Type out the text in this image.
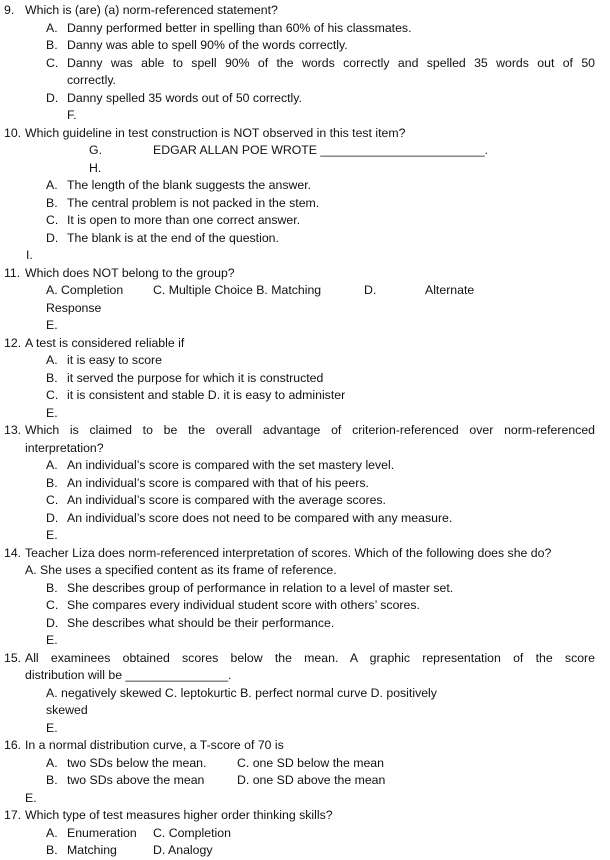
9. Which is (are) (a) norm-referenced statement?
A. Danny performed better in spelling than 60% of his classmates.
B. Danny was able to spell 90% of the words correctly.
C. Danny was able to spell 90% of the words correctly and spelled 35 words out of 50
correctly.
D. Danny spelled 35 words out of 50 correctly.
F.
10. Which guideline in test construction is NOT observed in this test item?
G.	EDGAR ALLAN POE WROTE ________________________.
H.
A. The length of the blank suggests the answer.
B. The central problem is not packed in the stem.
C. It is open to more than one correct answer.
D. The blank is at the end of the question.
I.
11. Which does NOT belong to the group?
A. Completion C. Multiple Choice B. Matching	D.	Alternate
Response
E.
12. A test is considered reliable if
A. it is easy to score
B. it served the purpose for which it is constructed
C. it is consistent and stable D. it is easy to administer
E.
13. Which is claimed to be the overall advantage of criterion-referenced over norm-referenced
interpretation?
A. An individual’s score is compared with the set mastery level.
B. An individual’s score is compared with that of his peers.
C. An individual’s score is compared with the average scores.
D. An individual’s score does not need to be compared with any measure.
E.
14. Teacher Liza does norm-referenced interpretation of scores. Which of the following does she do?
A. She uses a specified content as its frame of reference.
B. She describes group of performance in relation to a level of master set.
C. She compares every individual student score with others’ scores.
D. She describes what should be their performance.
E.
15. All examinees obtained scores below the mean. A graphic representation of the score
distribution will be _______________.
A. negatively skewed C. leptokurtic B. perfect normal curve D. positively
skewed
E.
16. In a normal distribution curve, a T-score of 70 is
A. two SDs below the mean. C. one SD below the mean
B. two SDs above the mean	D. one SD above the mean
E.
17. Which type of test measures higher order thinking skills?
A. Enumeration C. Completion
B. Matching	D. Analogy
